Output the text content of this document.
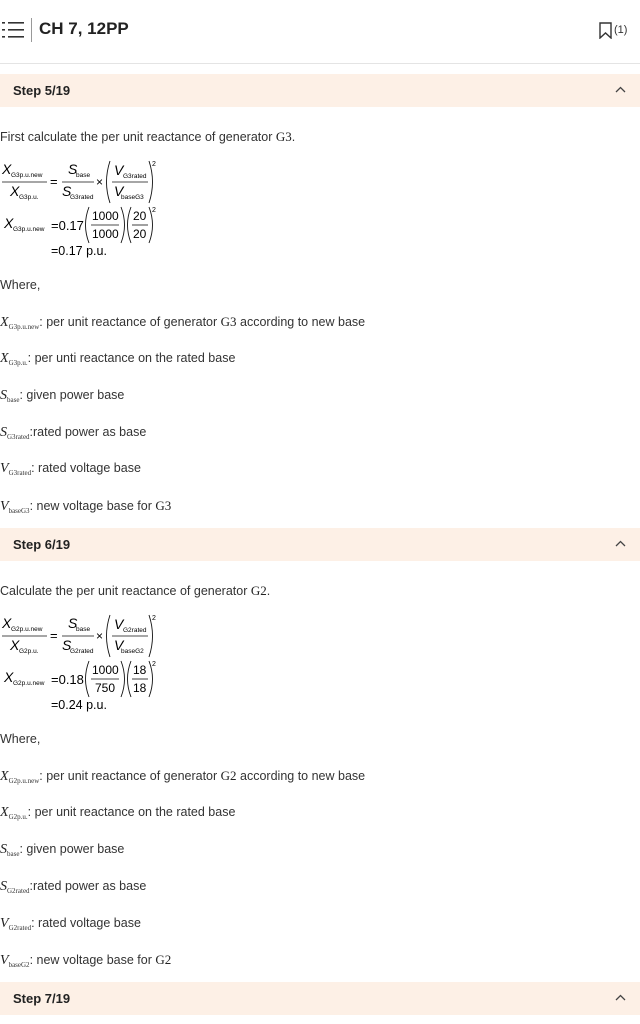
CH 7, 12PP	(1)
Step 5/19
First calculate the per unit reactance of generator G3.
X G3p.u.new
X G3p.u.
=
S
base
S
G3rated
×
V G3rated
V
baseG3
2
X G3p.u.new =0.17
1000
1000
20
20
2
=0.17 p.u.
Where,
$X_{G3p.u.new}$: per unit reactance of generator G3 according to new base
$X_{G3p.u.}$: per unti reactance on the rated base
$S_{base}$: given power base
$S_{G3rated}:rated$ power as base
$V_{G3rated}$: rated voltage base
$V_{baseG3}$: new voltage base for G3
Step 6/19
Calculate the per unit reactance of generator G2.
X G2p.u.new
X G2p.u.
=
S
base
S
G2rated
×
V G2rated
V
baseG2
2
X G2p.u.new =0.18
1000
750
18
18
2
=0.24 p.u.
Where,
$X_{G2p.u.new}$: per unit reactance of generator G2 according to new base
$X_{G2p.u.}$: per unit reactance on the rated base
$S_{base}$: given power base
$S_{G2rated}:rated$ power as base
$V_{G2rated}$: rated voltage base
$V_{baseG2}$: new voltage base for G2
Step 7/19
